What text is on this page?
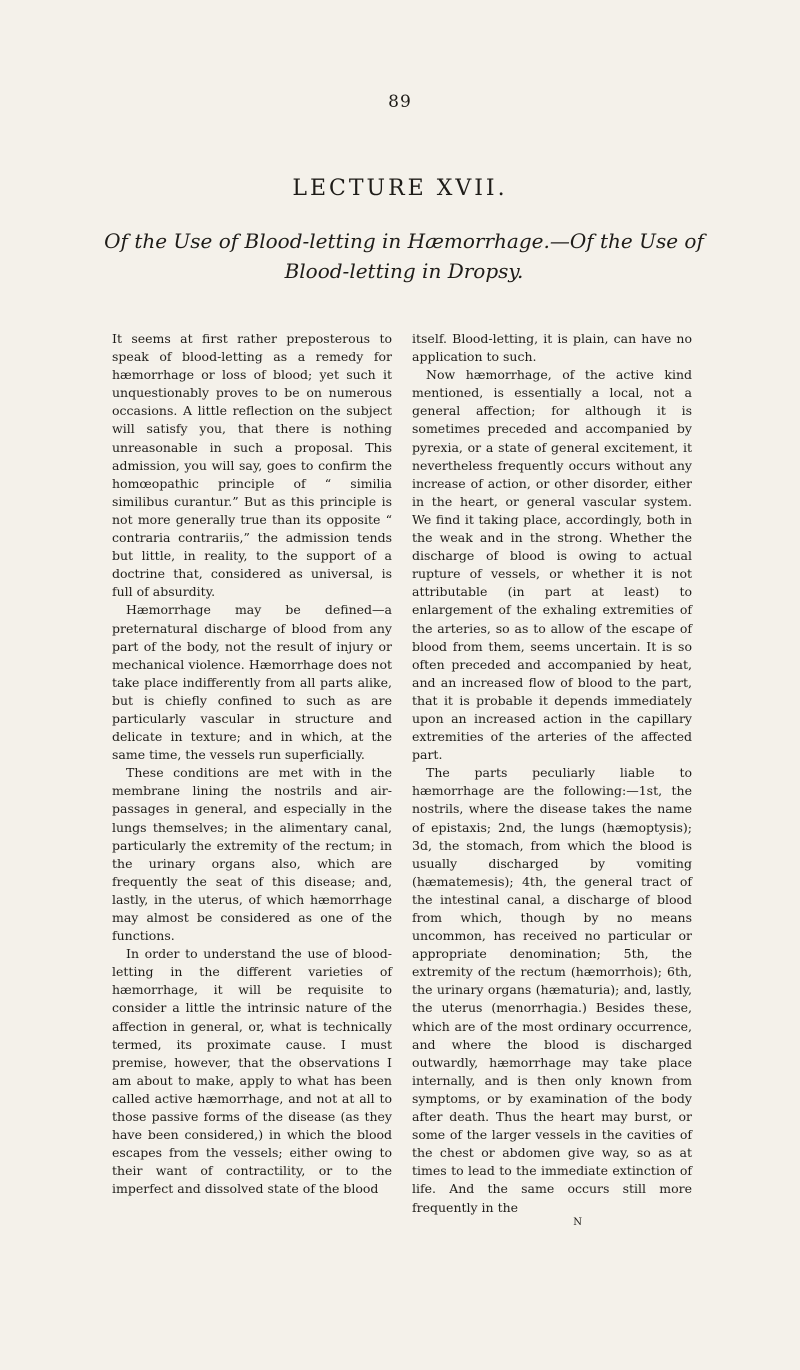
89
LECTURE XVII.
Of the Use of Blood-letting in Hæmorrhage.—Of the Use of Blood-letting in Dropsy.

It seems at first rather preposterous to speak of blood-letting as a remedy for hæmorrhage or loss of blood; yet such it unquestionably proves to be on numerous occasions. A little reflection on the subject will satisfy you, that there is nothing unreasonable in such a proposal. This admission, you will say, goes to confirm the homœopathic principle of “ similia similibus curantur.” But as this principle is not more generally true than its opposite “ contraria contrariis,” the admission tends but little, in reality, to the support of a doctrine that, considered as universal, is full of absurdity.

Hæmorrhage may be defined—a preternatural discharge of blood from any part of the body, not the result of injury or mechanical violence. Hæmorrhage does not take place indifferently from all parts alike, but is chiefly confined to such as are particularly vascular in structure and delicate in texture; and in which, at the same time, the vessels run superficially.

These conditions are met with in the membrane lining the nostrils and air-passages in general, and especially in the lungs themselves; in the alimentary canal, particularly the extremity of the rectum; in the urinary organs also, which are frequently the seat of this disease; and, lastly, in the uterus, of which hæmorrhage may almost be considered as one of the functions.

In order to understand the use of blood-letting in the different varieties of hæmorrhage, it will be requisite to consider a little the intrinsic nature of the affection in general, or, what is technically termed, its proximate cause. I must premise, however, that the observations I am about to make, apply to what has been called active hæmorrhage, and not at all to those passive forms of the disease (as they have been considered,) in which the blood escapes from the vessels; either owing to their want of contractility, or to the imperfect and dissolved state of the blood

itself. Blood-letting, it is plain, can have no application to such.

Now hæmorrhage, of the active kind mentioned, is essentially a local, not a general affection; for although it is sometimes preceded and accompanied by pyrexia, or a state of general excitement, it nevertheless frequently occurs without any increase of action, or other disorder, either in the heart, or general vascular system. We find it taking place, accordingly, both in the weak and in the strong. Whether the discharge of blood is owing to actual rupture of vessels, or whether it is not attributable (in part at least) to enlargement of the exhaling extremities of the arteries, so as to allow of the escape of blood from them, seems uncertain. It is so often preceded and accompanied by heat, and an increased flow of blood to the part, that it is probable it depends immediately upon an increased action in the capillary extremities of the arteries of the affected part.

The parts peculiarly liable to hæmorrhage are the following:—1st, the nostrils, where the disease takes the name of epistaxis; 2nd, the lungs (hæmoptysis); 3d, the stomach, from which the blood is usually discharged by vomiting (hæmatemesis); 4th, the general tract of the intestinal canal, a discharge of blood from which, though by no means uncommon, has received no particular or appropriate denomination; 5th, the extremity of the rectum (hæmorrhois); 6th, the urinary organs (hæmaturia); and, lastly, the uterus (menorrhagia.) Besides these, which are of the most ordinary occurrence, and where the blood is discharged outwardly, hæmorrhage may take place internally, and is then only known from symptoms, or by examination of the body after death. Thus the heart may burst, or some of the larger vessels in the cavities of the chest or abdomen give way, so as at times to lead to the immediate extinction of life. And the same occurs still more frequently in the

N
